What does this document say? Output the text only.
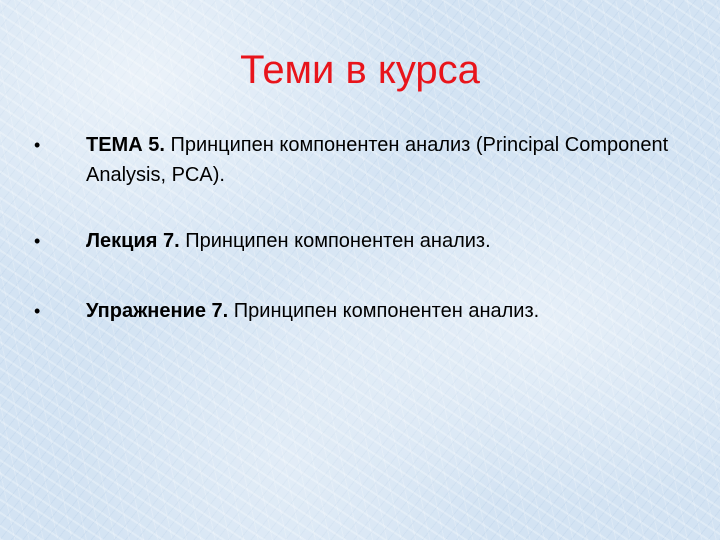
Теми в курса
• ТЕМА 5. Принципен компонентен анализ (Principal Component Analysis, PCA).
• Лекция 7. Принципен компонентен анализ.
• Упражнение 7. Принципен компонентен анализ.
